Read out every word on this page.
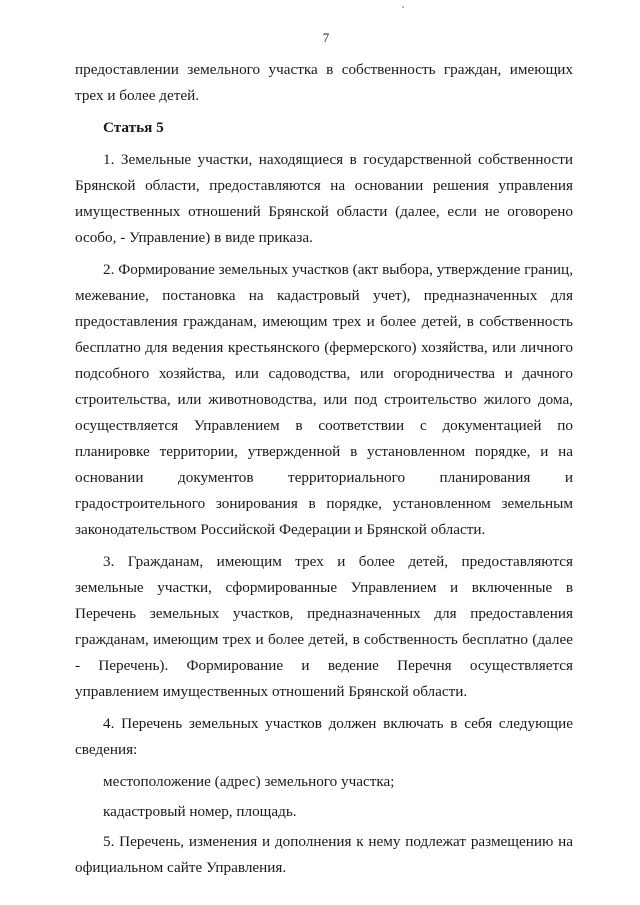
7

предоставлении земельного участка в собственность граждан, имеющих трех и более детей.

Статья 5

1. Земельные участки, находящиеся в государственной собственности Брянской области, предоставляются на основании решения управления имущественных отношений Брянской области (далее, если не оговорено особо, - Управление) в виде приказа.

2. Формирование земельных участков (акт выбора, утверждение границ, межевание, постановка на кадастровый учет), предназначенных для предоставления гражданам, имеющим трех и более детей, в собственность бесплатно для ведения крестьянского (фермерского) хозяйства, или личного подсобного хозяйства, или садоводства, или огородничества и дачного строительства, или животноводства, или под строительство жилого дома, осуществляется Управлением в соответствии с документацией по планировке территории, утвержденной в установленном порядке, и на основании документов территориального планирования и градостроительного зонирования в порядке, установленном земельным законодательством Российской Федерации и Брянской области.

3. Гражданам, имеющим трех и более детей, предоставляются земельные участки, сформированные Управлением и включенные в Перечень земельных участков, предназначенных для предоставления гражданам, имеющим трех и более детей, в собственность бесплатно (далее - Перечень). Формирование и ведение Перечня осуществляется управлением имущественных отношений Брянской области.

4. Перечень земельных участков должен включать в себя следующие сведения:

местоположение (адрес) земельного участка;

кадастровый номер, площадь.

5. Перечень, изменения и дополнения к нему подлежат размещению на официальном сайте Управления.
